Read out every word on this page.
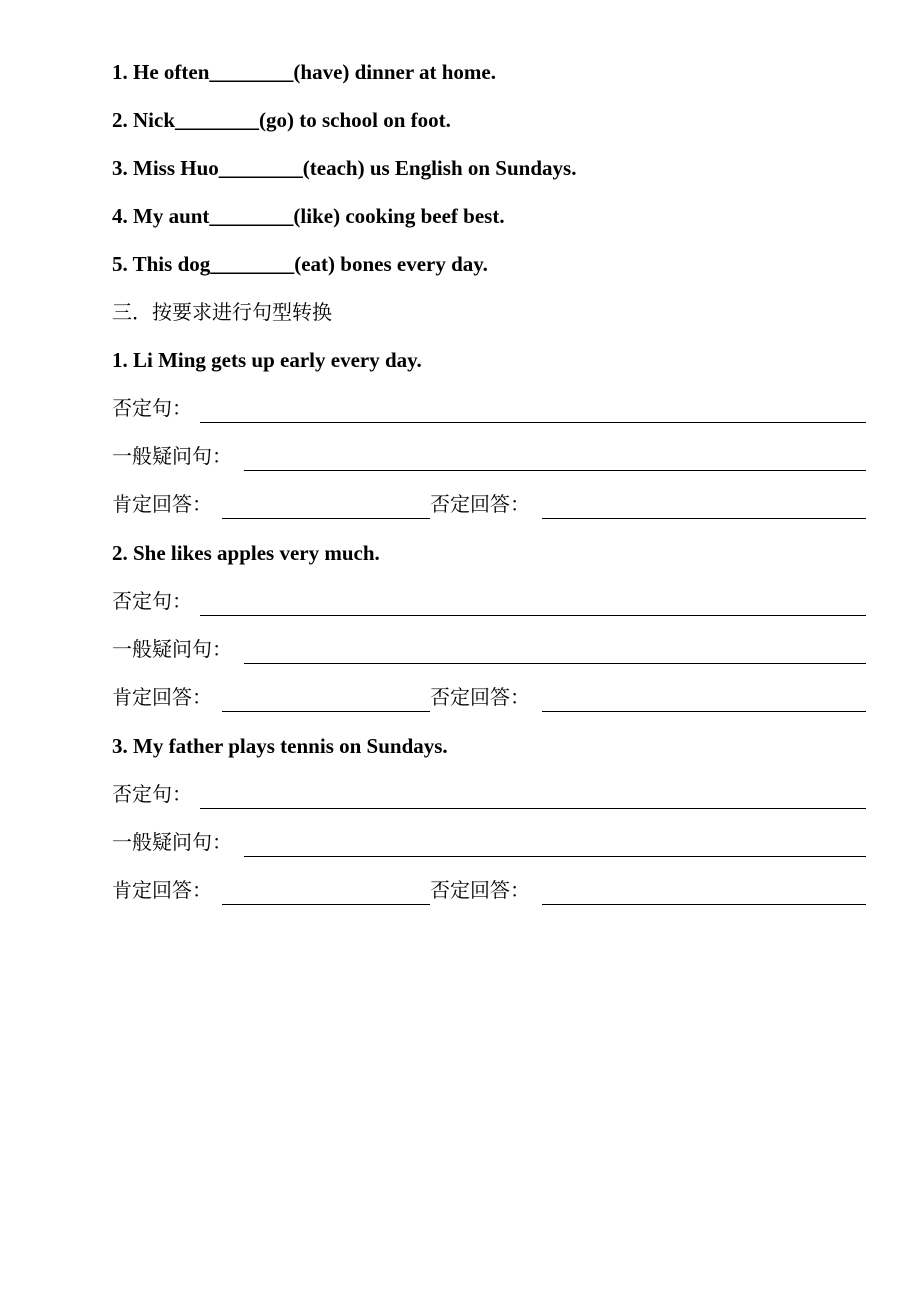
1. He often________(have) dinner at home.
2. Nick________(go) to school on foot.
3. Miss Huo________(teach) us English on Sundays.
4. My aunt________(like) cooking beef best.
5. This dog________(eat) bones every day.
三．按要求进行句型转换
1. Li Ming gets up early every day.
否定句：
一般疑问句：
肯定回答：	否定回答：
2. She likes apples very much.
否定句：
一般疑问句：
肯定回答：	否定回答：
3. My father plays tennis on Sundays.
否定句：
一般疑问句：
肯定回答：	否定回答：
